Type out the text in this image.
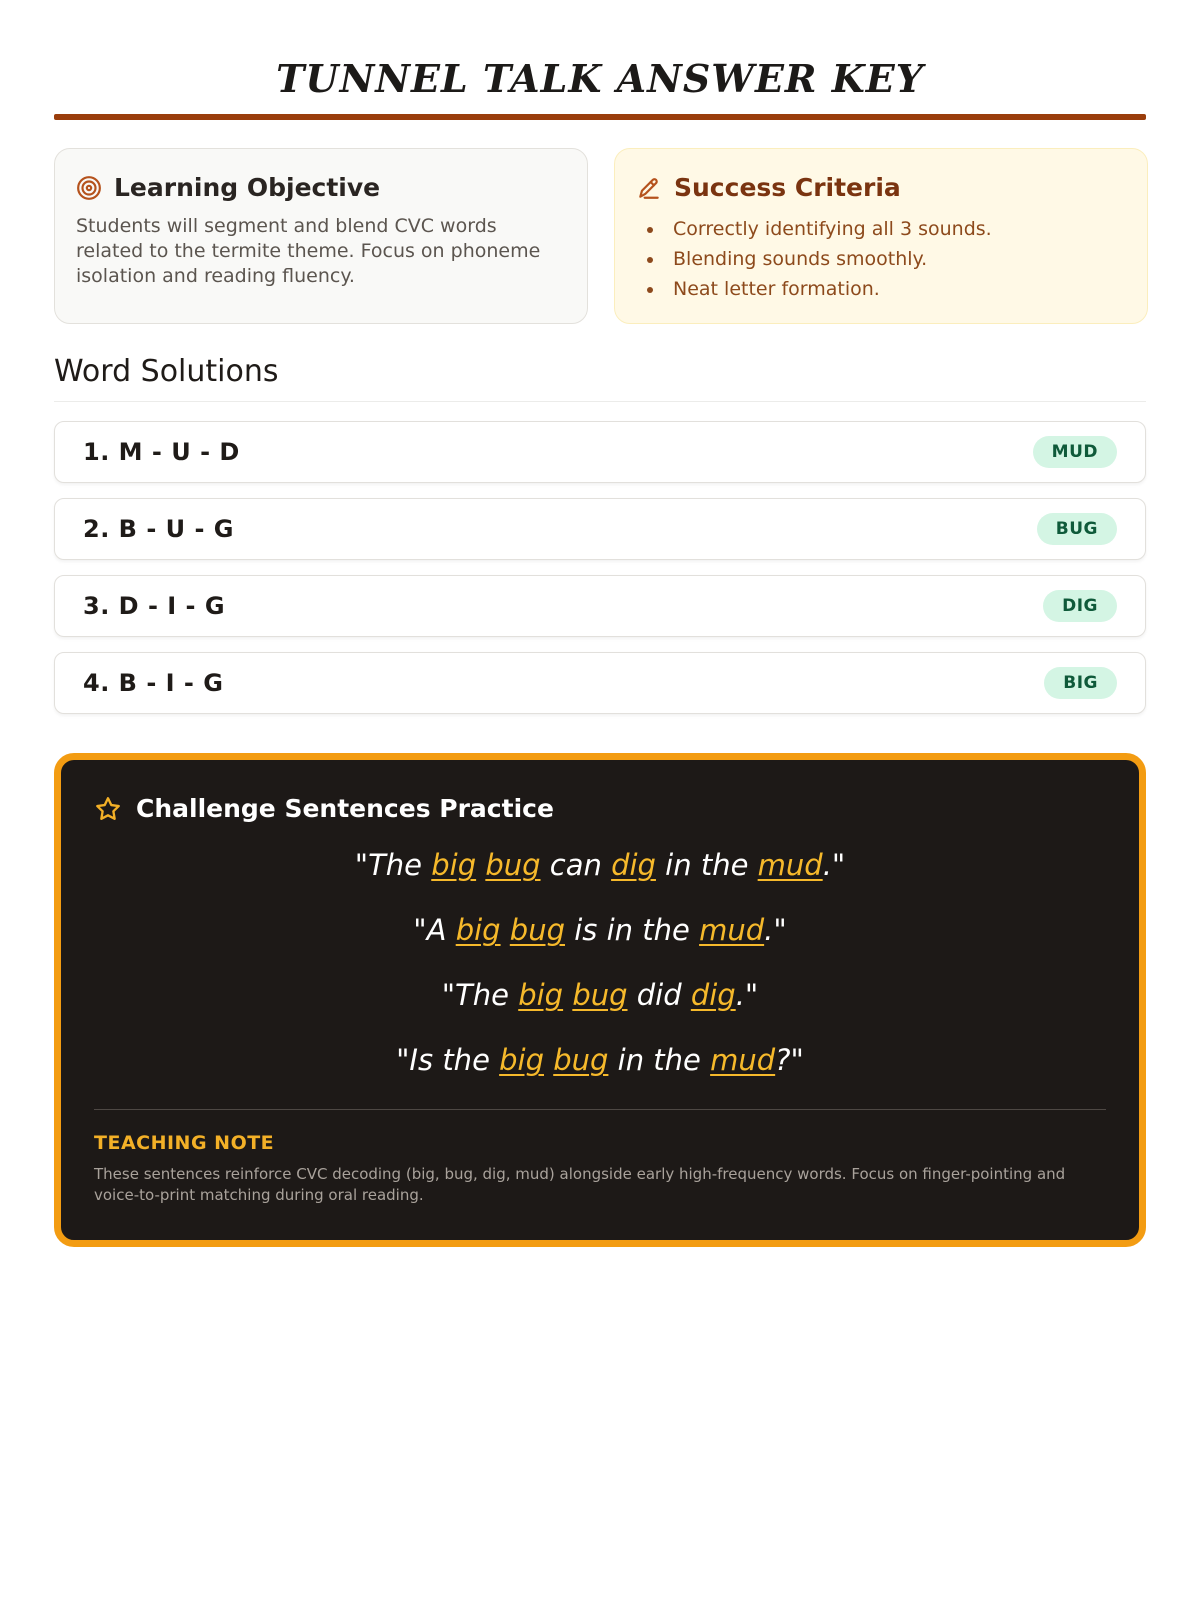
TUNNEL TALK ANSWER KEY
Learning Objective

Students will segment and blend CVC words related to the termite theme. Focus on phoneme isolation and reading fluency.

Success Criteria
Correctly identifying all 3 sounds.
Blending sounds smoothly.
Neat letter formation.
Word Solutions
1. M - U - D	MUD
2. B - U - G	BUG
3. D - I - G	DIG
4. B - I - G	BIG
Challenge Sentences Practice
"The big bug can dig in the mud."
"A big bug is in the mud."
"The big bug did dig."
"Is the big bug in the mud?"
TEACHING NOTE
These sentences reinforce CVC decoding (big, bug, dig, mud) alongside early high-frequency words. Focus on finger-pointing and voice-to-print matching during oral reading.
